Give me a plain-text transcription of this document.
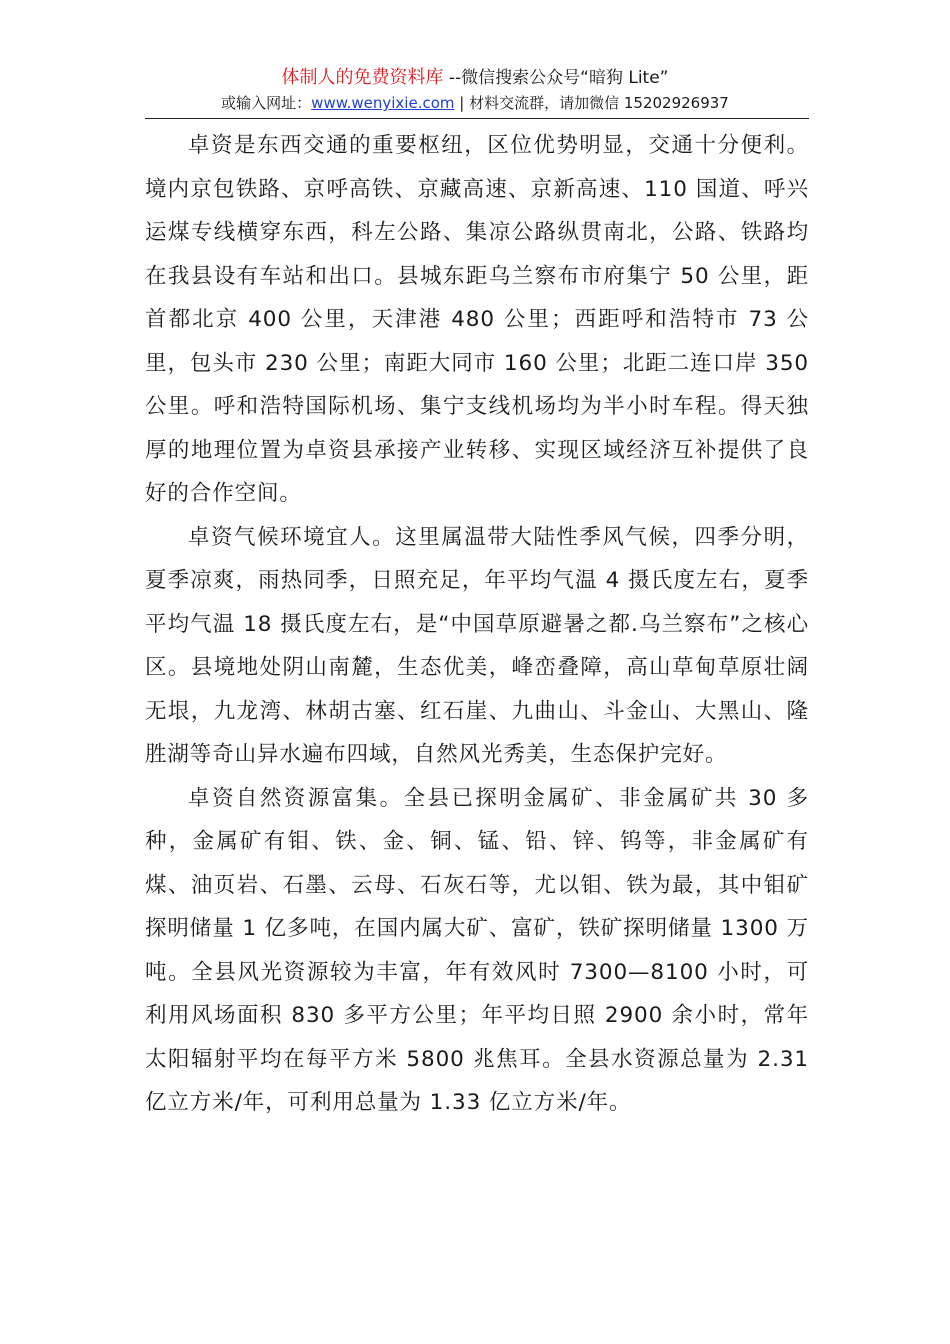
体制人的免费资料库 --微信搜索公众号“暗狗 Lite”
或输入网址：www.wenyixie.com | 材料交流群，请加微信 15202926937

卓资是东西交通的重要枢纽，区位优势明显，交通十分便利。境内京包铁路、京呼高铁、京藏高速、京新高速、110 国道、呼兴运煤专线横穿东西，科左公路、集凉公路纵贯南北，公路、铁路均在我县设有车站和出口。县城东距乌兰察布市府集宁 50 公里，距首都北京 400 公里，天津港 480 公里；西距呼和浩特市 73 公里，包头市 230 公里；南距大同市 160 公里；北距二连口岸 350 公里。呼和浩特国际机场、集宁支线机场均为半小时车程。得天独厚的地理位置为卓资县承接产业转移、实现区域经济互补提供了良好的合作空间。

卓资气候环境宜人。这里属温带大陆性季风气候，四季分明，夏季凉爽，雨热同季，日照充足，年平均气温 4 摄氏度左右，夏季平均气温 18 摄氏度左右，是“中国草原避暑之都.乌兰察布”之核心区。县境地处阴山南麓，生态优美，峰峦叠障，高山草甸草原壮阔无垠，九龙湾、林胡古塞、红石崖、九曲山、斗金山、大黑山、隆胜湖等奇山异水遍布四域，自然风光秀美，生态保护完好。

卓资自然资源富集。全县已探明金属矿、非金属矿共 30 多种，金属矿有钼、铁、金、铜、锰、铅、锌、钨等，非金属矿有煤、油页岩、石墨、云母、石灰石等，尤以钼、铁为最，其中钼矿探明储量 1 亿多吨，在国内属大矿、富矿，铁矿探明储量 1300 万吨。全县风光资源较为丰富，年有效风时 7300—8100 小时，可利用风场面积 830 多平方公里；年平均日照 2900 余小时，常年太阳辐射平均在每平方米 5800 兆焦耳。全县水资源总量为 2.31 亿立方米/年，可利用总量为 1.33 亿立方米/年。
